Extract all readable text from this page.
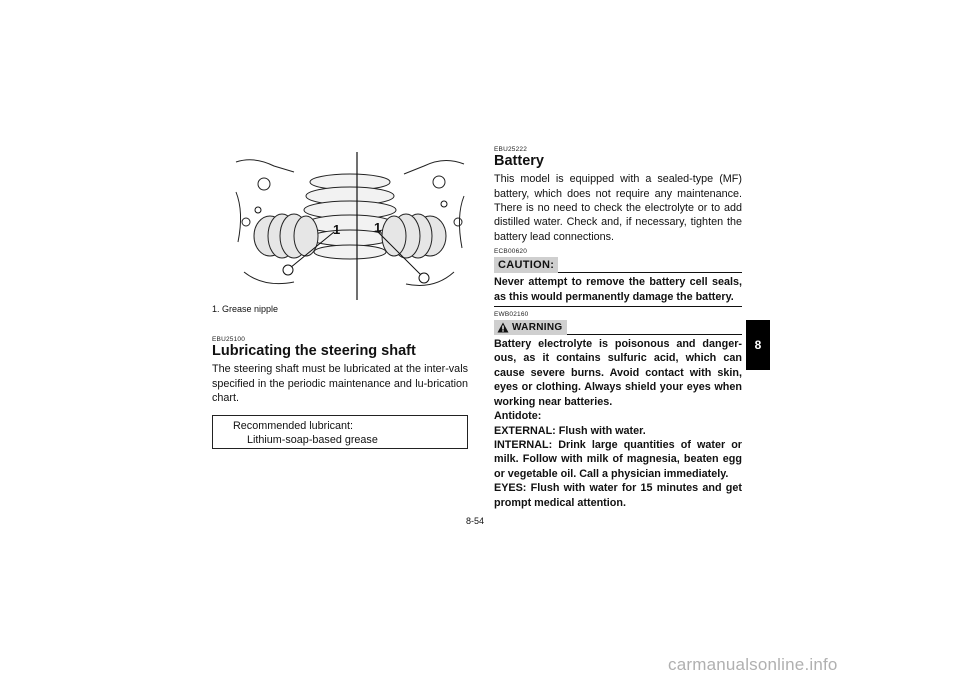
1	1
1. Grease nipple
EBU25100
Lubricating the steering shaft

The steering shaft must be lubricated at the inter-vals specified in the periodic maintenance and lu-brication chart.

Recommended lubricant:
Lithium-soap-based grease
EBU25222
Battery

This model is equipped with a sealed-type (MF) battery, which does not require any maintenance. There is no need to check the electrolyte or to add distilled water. Check and, if necessary, tighten the battery lead connections.

ECB00620
CAUTION:

Never attempt to remove the battery cell seals, as this would permanently damage the battery.

EWB02160
WARNING

Battery electrolyte is poisonous and danger-ous, as it contains sulfuric acid, which can cause severe burns. Avoid contact with skin, eyes or clothing. Always shield your eyes when working near batteries.

Antidote:

EXTERNAL: Flush with water.

INTERNAL: Drink large quantities of water or milk. Follow with milk of magnesia, beaten egg or vegetable oil. Call a physician immediately.

EYES: Flush with water for 15 minutes and get prompt medical attention.

8-54
8
carmanualsonline.info
